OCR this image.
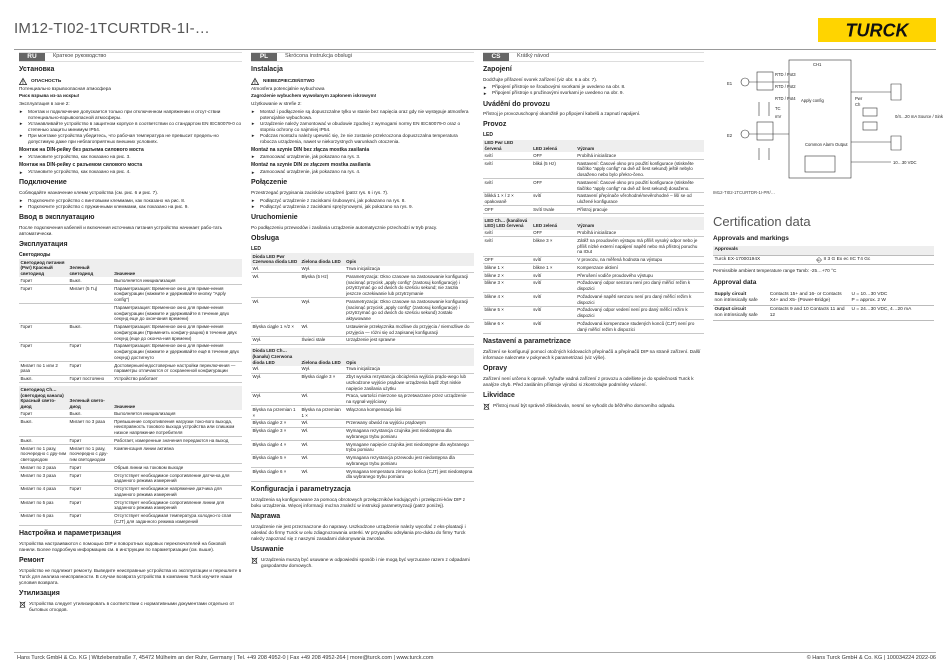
IM12-TI02-1TCURTDR-1I-…	TURCK
RU	Краткое руководство
Установка
!
ОПАСНОСТЬ

Потенциально взрывоопасная атмосфера

Риск взрыва из-за искры!

Эксплуатация в зоне 2:

► Монтаж и подключение допускается только при отключенном напряжении и отсут-ствии потенциально-взрывоопасной атмосферы.
► Устанавливайте устройство в защитном корпусе в соответствии со стандартом EN IEC60079-0 со степенью защиты минимум IP54.
► При монтаже устройства убедитесь, что рабочая температура не превысит предель-но допустимую даже при неблагоприятных внешних условиях.
Монтаж на DIN-рейку без разъема силового моста
► Установите устройство, как показано на рис. 3.
Монтаж на DIN-рейку с разъемом силового моста
► Установите устройство, как показано на рис. 4.
Подключение

Соблюдайте назначение клемм устройства (см. рис. 6 и рис. 7).

► Подключите устройство с винтовыми клеммами, как показано на рис. 8.
► Подключите устройство с пружинными клеммами, как показано на рис. 9.
Ввод в эксплуатацию

После подключения кабелей и включения источника питания устройство начинает рабо-тать автоматически.

Эксплуатация
Светодиоды
Светодиод питания (Pwr) Красный светодиод	Зеленый светодиод	Значение
Горит	Выкл.	Выполняется инициализация
Горит	Мигает (5 Гц)	Параметризация: Временное окно для приме-нения конфигурации (нажмите и удерживайте кнопку "Apply config")
		Параметризация: Временное окно для приме-нения конфигурации (нажмите и удерживайте в течение двух секунд еще до окончания времени)
Горит	Выкл.	Параметризация: Временное окно для приме-нения конфигурации (Применить конфигу-рацию) в течение двух секунд (еще до оконча-ния времени)
Горит	Горит	Параметризация: Временное окно для приме-нения конфигурации (нажмите и удерживайте ещё в течение двух секунд) достигнуто
Мигает по 1 или 2 раза	Горит	Достоверные/недостоверные настройки переключения — параметры отличаются от сохраненной конфигурации
Выкл.	Горит постоянно	Устройство работает
Светодиод Ch… (светодиод канала) Красный свето-диод	Зеленый свето-диод	Значение
Горит	Выкл.	Выполняется инициализация
Выкл.	Мигает по 3 раза	Превышение сопротивления нагрузки токо-вого выхода, неисправность токового выхода устройства или слишком низкое напряжение потребителя
Выкл.	Горит	Работает, измеренные значения передаются на выход
Мигает по 1 разу, поочередно с дру-гим светодиодом	Мигает по 1 разу, поочередно с дру-гим светодиодом	Компенсация линии активна
Мигает по 2 раза	Горит	Обрыв линии на токовом выходе
Мигает по 3 раза	Горит	Отсутствует необходимое сопротивление датчи-ка для заданного режима измерений
Мигает по 4 раза	Горит	Отсутствует необходимое напряжение датчика для заданного режима измерений
Мигает по 5 раз	Горит	Отсутствует необходимое сопротивление линии для заданного режима измерений
Мигает по 6 раз	Горит	Отсутствует необходимая температура холодно-го спая (CJT) для заданного режима измерений
Настройка и параметризация

Устройства настраиваются с помощью DIP и поворотных кодовых переключателей на боковой панели. Более подробную информацию см. в инструкции по параметризации (см. выше).

Ремонт

Устройство не подлежит ремонту. Выведите неисправные устройства из эксплуатации и перешлите в Turck для анализа неисправности. В случае возврата устройства в компанию Turck изучите наши условия возврата.

Утилизация

Устройства следует утилизировать в соответствии с нормативными документами отдельно от бытовых отходов.

PL	Skrócona instrukcja obsługi
Instalacja
!
NIEBEZPIECZEŃSTWO

Atmosfera potencjalnie wybuchowa

Zagrożenie wybuchem wywołanym zapłonem iskrowym!

Użytkowanie w strefie 2:

► Montaż i podłączenie są dopuszczalne tylko w stanie bez napięcia oraz gdy nie występuje atmosfera potencjalnie wybuchowa.
► Urządzenie należy zamontować w obudowie zgodnej z wymogami normy EN IEC60079-0 oraz o stopniu ochrony co najmniej IP54.
► Podczas montażu należy upewnić się, że nie zostanie przekroczona dopuszczalna temperatura robocza urządzenia, nawet w niekorzystnych warunkach otoczenia.
Montaż na szynie DIN bez złącza mostka zasilania
► Zamocować urządzenie, jak pokazano na rys. 3.
Montaż na szynie DIN ze złączem mostka zasilania
► Zamocować urządzenie, jak pokazano na rys. 4.
Połączenie

Przestrzegać przypisania zacisków urządzeń (patrz rys. 6 i rys. 7).

► Podłączyć urządzenie z zaciskami śrubowymi, jak pokazano na rys. 8.
► Podłączyć urządzenia z zaciskami sprężynowymi, jak pokazano na rys. 9.
Uruchomienie

Po podłączeniu przewodów i zasilania urządzenie automatycznie przechodzi w tryb pracy.

Obsługa
LED
Dioda LED Pwr Czerwona dioda LED	Zielona dioda LED	Opis
Wł.	Wył.	Trwa inicjalizacja
Wł.	Błyska (5 Hz)	Parametryzacja: Okno czasowe na zastosowanie konfiguracji (nacisnąć przycisk „apply config" (zastosuj konfigurację) i przytrzymać go od dwóch do sześciu sekund; nie zaszła jeszcze oczekiwanie lub przytrzymanie
Wł.	Wył.	Parametryzacja: Okno czasowe na zastosowanie konfiguracji (nacisnąć przycisk „apply config" (zastosuj konfigurację) i przytrzymać go od dwóch do sześciu sekund) zostało aktywowane
Błyska ciągle 1 ×/2 ×	Wł.	Ustawienie przełącznika możliwe do przyjęcia / niemożliwe do przyjęcia — różni się od zapisanej konfiguracji
Wył.	Świeci stale	Urządzenie jest sprawne
Dioda LED Ch… (kanału) Czerwona dioda LED	Zielona dioda LED	Opis
Wł.	Wył.	Trwa inicjalizacja
Wył.	Błyska ciągle 3 ×	Zbyt wysoka rezystancja obciążenia wyjścia prądo-wego lub uszkodzone wyjście prądowe urządzenia bądź zbyt niskie napięcie zasilania użytku
Wył.	Wł.	Praca, wartości mierzone są przetwarzane przez urządzenie na sygnał wyjściowy
Błyska na przemian 1 ×	Błyska na przemian 1 ×	Włączona kompensacja linii
Błyska ciągle 2 ×	Wł.	Przerwany obwód na wyjściu prądowym
Błyska ciągle 3 ×	Wł.	Wymagana rezystancja czujnika jest niedostępna dla wybranego trybu pomiaru
Błyska ciągle 4 ×	Wł.	Wymagane napięcie czujnika jest niedostępne dla wybranego trybu pomiaru
Błyska ciągle 5 ×	Wł.	Wymagana rezystancja przewodu jest niedostępna dla wybranego trybu pomiaru
Błyska ciągle 6 ×	Wł.	Wymagana temperatura zimnego końca (CJT) jest niedostępna dla wybranego trybu pomiaru
Konfiguracja i parametryzacja

Urządzenia są konfigurowane za pomocą obrotowych przełączników kodujących i przełączni-ków DIP z boku urządzenia. Więcej informacji można znaleźć w instrukcji parametryzacji (patrz poniżej).

Naprawa

Urządzenie nie jest przeznaczone do naprawy. Uszkodzone urządzenie należy wycofać z eks-ploatacji i odesłać do firmy Turck w celu zdiagnozowania usterki. W przypadku odsyłania pro-duktu do firmy Turck należy zapoznać się z naszymi zasadami dokonywania zwrotów.

Usuwanie

Urządzenia muszą być usuwane w odpowiedni sposób i nie mogą być wyrzucane razem z odpadami gospodarstw domowych.

CS	Krátký návod
Zapojení

Dodržujte přiřazení svorek zařízení (viz obr. 6 a obr. 7).

► Připojení přístroje se šroubovými svorkami je uvedeno na obr. 8.
► Připojení přístroje s pružinovými svorkami je uvedeno na obr. 9.
Uvádění do provozu

Přístroj je provozuschopný okamžitě po připojení kabelů a zapnutí napájení.

Provoz
LED
LED Pwr LED červená	LED zelená	Význam
svítí	OFF	Probíhá inicializace
svítí	bliká (5 Hz)	Nastavení: Časové okno pro použití konfigurace (stiskněte tlačítko "apply config" na dvě až šest sekund) ještě nebylo dosaženo nebo bylo překro-čeno.
svítí	OFF	Nastavení: Časové okno pro použití konfigurace (stiskněte tlačítko "apply config" na dvě až šest sekund) dosaženo.
blikká 1 × / 2 × opakovaně	svítí	Nastavení přepínače věrohodné/nevěrohodné – liší se od uložené konfigurace
OFF	Svítí trvale	Přístroj pracuje
LED Ch… (kanálová LED) LED červená	LED zelená	Význam
svítí	OFF	Probíhá inicializace
svítí	blikne 3 ×	Zátěž na proudovém výstupu má příliš vysoký odpor nebo je příliš nízké externí napájení napětí nebo má přístroj poruchu na IOut
OFF	svítí	V provozu, na měřená hodnota na výstupu
blikne 1 ×	blikne 1 ×	Kompenzace aktivní
blikne 2 ×	svítí	Přerušení vodiče proudového výstupu
blikne 3 ×	svítí	Požadovaný odpor senzoru není pro daný měřicí režim k dispozici
blikne 4 ×	svítí	Požadované napětí senzoru není pro daný měřicí režim k dispozici
blikne 5 ×	svítí	Požadovaný odpor vedení není pro daný měřicí režim k dispozici
blikne 6 ×	svítí	Požadovaná kompenzace studených konců (CJT) není pro daný měřicí režim k dispozici
Nastavení a parametrizace

Zařízení se konfigurují pomocí otočných kódovacích přepínačů a přepínačů DIP na straně zařízení. Další informace naleznete v pokynech k parametrizaci (viz výše).

Opravy

Zařízení není určeno k opravě. Vyřaďte vadná zařízení z provozu a odešlete je do společnosti Turck k analýze chyb. Před zasláním přístroje výrobci si zkontrolujte podmínky vrácení.

Likvidace

Přístroj musí být správně zlikvidován, nesmí se vyhodit do běžného domovního odpadu.

E1
E2
CH1
Apply config	Pwr
Ch
RTD / Pot3
RTD / Pot2
RTD / Pot4
TC
mV
10…30 VDC
Common Alarm Output
0/4…20 mA Source / Sink
IM12-TI02-1TCURTDR-1I-PR/…
Certification data
Approvals and markings
Approvals
Turck EX-17000194X		Ex II 3 G Ex ec IIC T4 Gc

Permissible ambient temperature range Tamb: -25…+70 °C

Approval data
Supply circuit
non intrinsically safe	Contacts 15+ and 16- or Contacts X4+ and X5- (Power-Bridge)	U = 10…30 VDC
P = approx. 2 W
Output circuit
non intrinsically safe	Contacts 9 and 10 Contacts 11 and 12	U = 24…30 VDC, 4…20 mA
Hans Turck GmbH & Co. KG | Witzlebenstraße 7, 45472 Mülheim an der Ruhr, Germany | Tel. +49 208 4952-0 | Fax +49 208 4952-264 | more@turck.com | www.turck.com	© Hans Turck GmbH & Co. KG | 100034224 2022-06
